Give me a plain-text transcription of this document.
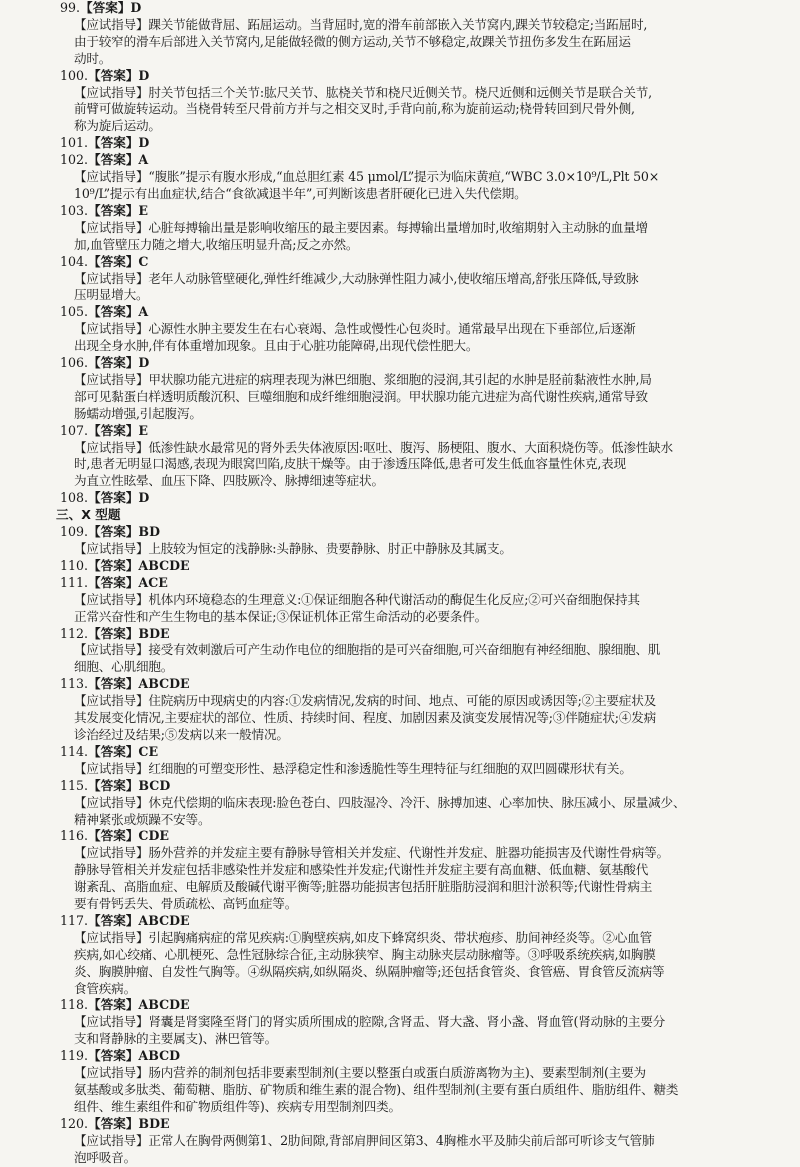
99.【答案】D
【应试指导】踝关节能做背屈、跖屈运动。当背屈时,宽的滑车前部嵌入关节窝内,踝关节较稳定;当跖屈时,
由于较窄的滑车后部进入关节窝内,足能做轻微的侧方运动,关节不够稳定,故踝关节扭伤多发生在跖屈运
动时。
100.【答案】D
【应试指导】肘关节包括三个关节:肱尺关节、肱桡关节和桡尺近侧关节。桡尺近侧和远侧关节是联合关节,
前臂可做旋转运动。当桡骨转至尺骨前方并与之相交叉时,手背向前,称为旋前运动;桡骨转回到尺骨外侧,
称为旋后运动。
101.【答案】D
102.【答案】A
【应试指导】“腹胀”提示有腹水形成,“血总胆红素 45 μmol/L”提示为临床黄疸,“WBC 3.0×10⁹/L,Plt 50×
10⁹/L”提示有出血症状,结合“食欲减退半年”,可判断该患者肝硬化已进入失代偿期。
103.【答案】E
【应试指导】心脏每搏输出量是影响收缩压的最主要因素。每搏输出量增加时,收缩期射入主动脉的血量增
加,血管壁压力随之增大,收缩压明显升高;反之亦然。
104.【答案】C
【应试指导】老年人动脉管壁硬化,弹性纤维减少,大动脉弹性阻力减小,使收缩压增高,舒张压降低,导致脉
压明显增大。
105.【答案】A
【应试指导】心源性水肿主要发生在右心衰竭、急性或慢性心包炎时。通常最早出现在下垂部位,后逐渐
出现全身水肿,伴有体重增加现象。且由于心脏功能障碍,出现代偿性肥大。
106.【答案】D
【应试指导】甲状腺功能亢进症的病理表现为淋巴细胞、浆细胞的浸润,其引起的水肿是胫前黏液性水肿,局
部可见黏蛋白样透明质酸沉积、巨噬细胞和成纤维细胞浸润。甲状腺功能亢进症为高代谢性疾病,通常导致
肠蠕动增强,引起腹泻。
107.【答案】E
【应试指导】低渗性缺水最常见的肾外丢失体液原因:呕吐、腹泻、肠梗阻、腹水、大面积烧伤等。低渗性缺水
时,患者无明显口渴感,表现为眼窝凹陷,皮肤干燥等。由于渗透压降低,患者可发生低血容量性休克,表现
为直立性眩晕、血压下降、四肢厥冷、脉搏细速等症状。
108.【答案】D
三、X 型题
109.【答案】BD
【应试指导】上肢较为恒定的浅静脉:头静脉、贵要静脉、肘正中静脉及其属支。
110.【答案】ABCDE
111.【答案】ACE
【应试指导】机体内环境稳态的生理意义:①保证细胞各种代谢活动的酶促生化反应;②可兴奋细胞保持其
正常兴奋性和产生生物电的基本保证;③保证机体正常生命活动的必要条件。
112.【答案】BDE
【应试指导】接受有效刺激后可产生动作电位的细胞指的是可兴奋细胞,可兴奋细胞有神经细胞、腺细胞、肌
细胞、心肌细胞。
113.【答案】ABCDE
【应试指导】住院病历中现病史的内容:①发病情况,发病的时间、地点、可能的原因或诱因等;②主要症状及
其发展变化情况,主要症状的部位、性质、持续时间、程度、加剧因素及演变发展情况等;③伴随症状;④发病
诊治经过及结果;⑤发病以来一般情况。
114.【答案】CE
【应试指导】红细胞的可塑变形性、悬浮稳定性和渗透脆性等生理特征与红细胞的双凹圆碟形状有关。
115.【答案】BCD
【应试指导】休克代偿期的临床表现:脸色苍白、四肢湿冷、冷汗、脉搏加速、心率加快、脉压减小、尿量减少、
精神紧张或烦躁不安等。
116.【答案】CDE
【应试指导】肠外营养的并发症主要有静脉导管相关并发症、代谢性并发症、脏器功能损害及代谢性骨病等。
静脉导管相关并发症包括非感染性并发症和感染性并发症;代谢性并发症主要有高血糖、低血糖、氨基酸代
谢紊乱、高脂血症、电解质及酸碱代谢平衡等;脏器功能损害包括肝脏脂肪浸润和胆汁淤积等;代谢性骨病主
要有骨钙丢失、骨质疏松、高钙血症等。
117.【答案】ABCDE
【应试指导】引起胸痛病症的常见疾病:①胸壁疾病,如皮下蜂窝织炎、带状疱疹、肋间神经炎等。②心血管
疾病,如心绞痛、心肌梗死、急性冠脉综合征,主动脉狭窄、胸主动脉夹层动脉瘤等。③呼吸系统疾病,如胸膜
炎、胸膜肿瘤、自发性气胸等。④纵隔疾病,如纵隔炎、纵隔肿瘤等;还包括食管炎、食管癌、胃食管反流病等
食管疾病。
118.【答案】ABCDE
【应试指导】肾囊是肾窦隆至肾门的肾实质所围成的腔隙,含肾盂、肾大盏、肾小盏、肾血管(肾动脉的主要分
支和肾静脉的主要属支)、淋巴管等。
119.【答案】ABCD
【应试指导】肠内营养的制剂包括非要素型制剂(主要以整蛋白或蛋白质游离物为主)、要素型制剂(主要为
氨基酸或多肽类、葡萄糖、脂肪、矿物质和维生素的混合物)、组件型制剂(主要有蛋白质组件、脂肪组件、糖类
组件、维生素组件和矿物质组件等)、疾病专用型制剂四类。
120.【答案】BDE
【应试指导】正常人在胸骨两侧第1、2肋间隙,背部肩胛间区第3、4胸椎水平及肺尖前后部可听诊支气管肺
泡呼吸音。
